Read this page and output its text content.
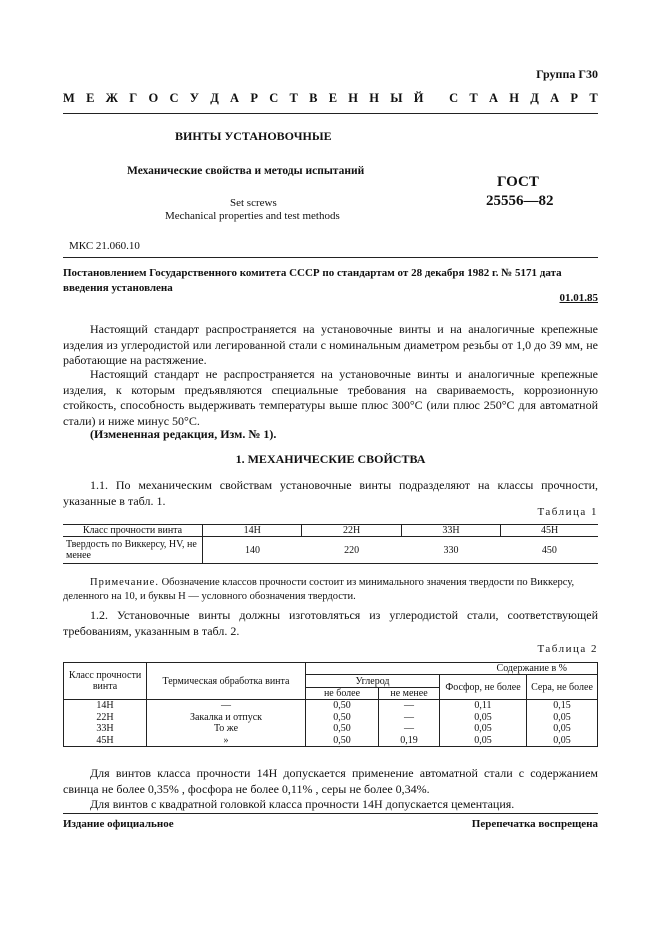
Группа Г30
М Е Ж Г О С У Д А Р С Т В Е Н Н Ы Й
С Т А Н Д А Р Т
ВИНТЫ УСТАНОВОЧНЫЕ
Механические свойства и методы испытаний
Set screws
Mechanical properties and test methods
ГОСТ
25556—82
МКС 21.060.10
Постановлением Государственного комитета СССР по стандартам от 28 декабря 1982 г. № 5171 дата введения установлена
01.01.85

Настоящий стандарт распространяется на установочные винты и на аналогичные крепежные изделия из углеродистой или легированной стали с номинальным диаметром резьбы от 1,0 до 39 мм, не работающие на растяжение.

Настоящий стандарт не распространяется на установочные винты и аналогичные крепежные изделия, к которым предъявляются специальные требования на свариваемость, коррозионную стойкость, способность выдерживать температуры выше плюс 300°С (или плюс 250°С для автоматной стали) и ниже минус 50°С.

(Измененная редакция, Изм. № 1).

1. МЕХАНИЧЕСКИЕ СВОЙСТВА

1.1. По механическим свойствам установочные винты подразделяют на классы прочности, указанные в табл. 1.

Таблица 1
Класс прочности винта	14Н	22Н	33Н	45Н
Твердость по Виккерсу, HV, не менее	140	220	330	450
Примечание. Обозначение классов прочности состоит из минимального значения твердости по Виккерсу, деленного на 10, и буквы Н — условного обозначения твердости.

1.2. Установочные винты должны изготовляться из углеродистой стали, соответствующей требованиям, указанным в табл. 2.

Таблица 2
Класс прочности винта	Термическая обработка винта	Содержание в %			
		Углерод		Фосфор, не более	Сера, не более
		не более	не менее		
14Н	—	0,50	—	0,11	0,15
22Н	Закалка и отпуск	0,50	—	0,05	0,05
33Н	То же	0,50	—	0,05	0,05
45Н	»	0,50	0,19	0,05	0,05

Для винтов класса прочности 14Н допускается применение автоматной стали с содержанием свинца не более 0,35% , фосфора не более 0,11% , серы не более 0,34%.

Для винтов с квадратной головкой класса прочности 14Н допускается цементация.

Издание официальное	Перепечатка воспрещена
